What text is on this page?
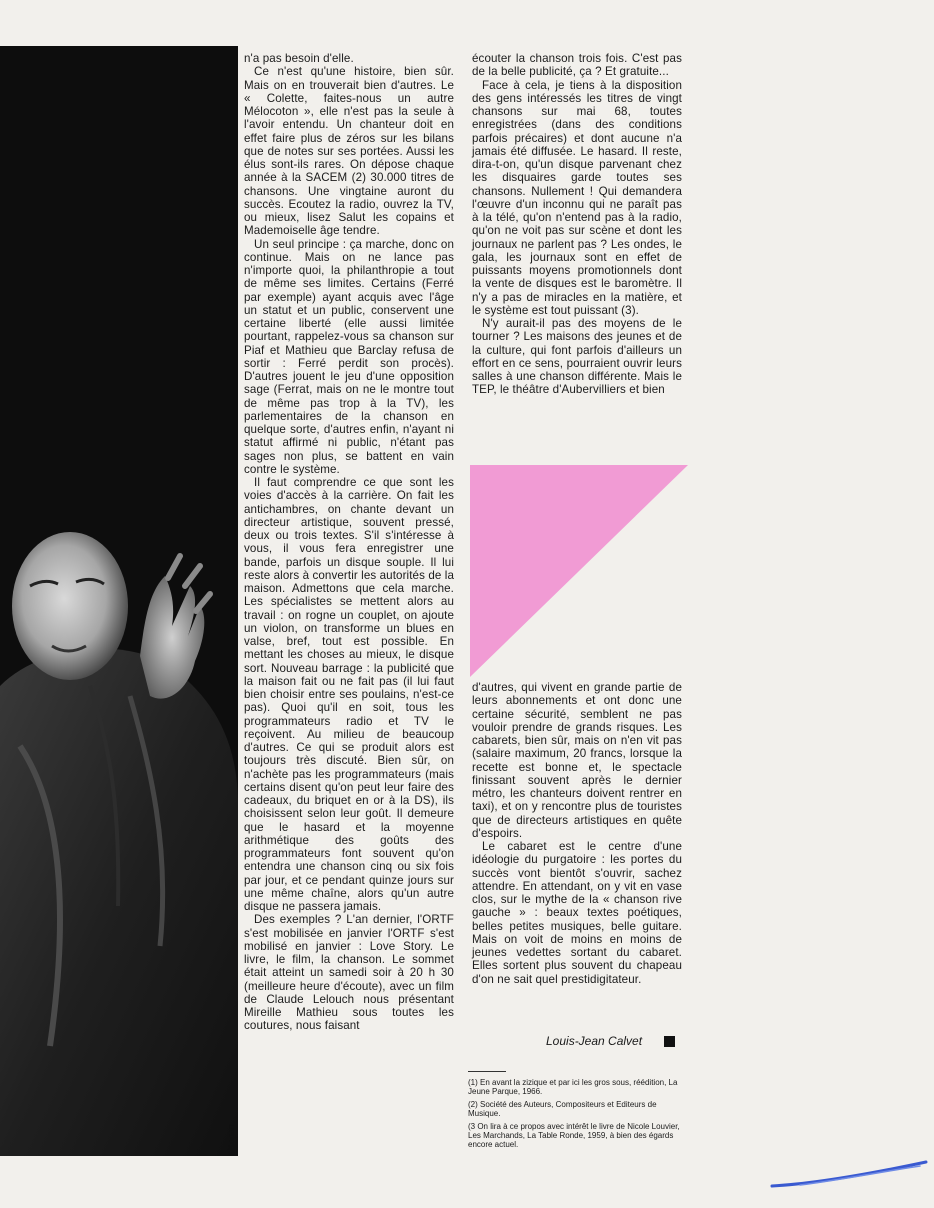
Kagan

n'a pas besoin d'elle.

Ce n'est qu'une histoire, bien sûr. Mais on en trouverait bien d'autres. Le « Colette, faites-nous un autre Mélocoton », elle n'est pas la seule à l'avoir entendu. Un chanteur doit en effet faire plus de zéros sur les bilans que de notes sur ses portées. Aussi les élus sont-ils rares. On dépose chaque année à la SACEM (2) 30.000 titres de chansons. Une vingtaine auront du succès. Ecoutez la radio, ouvrez la TV, ou mieux, lisez Salut les copains et Mademoiselle âge tendre.

Un seul principe : ça marche, donc on continue. Mais on ne lance pas n'importe quoi, la philanthropie a tout de même ses limites. Certains (Ferré par exemple) ayant acquis avec l'âge un statut et un public, conservent une certaine liberté (elle aussi limitée pourtant, rappelez-vous sa chanson sur Piaf et Mathieu que Barclay refusa de sortir : Ferré perdit son procès). D'autres jouent le jeu d'une opposition sage (Ferrat, mais on ne le montre tout de même pas trop à la TV), les parlementaires de la chanson en quelque sorte, d'autres enfin, n'ayant ni statut affirmé ni public, n'étant pas sages non plus, se battent en vain contre le système.

Il faut comprendre ce que sont les voies d'accès à la carrière. On fait les antichambres, on chante devant un directeur artistique, souvent pressé, deux ou trois textes. S'il s'intéresse à vous, il vous fera enregistrer une bande, parfois un disque souple. Il lui reste alors à convertir les autorités de la maison. Admettons que cela marche. Les spécialistes se mettent alors au travail : on rogne un couplet, on ajoute un violon, on transforme un blues en valse, bref, tout est possible. En mettant les choses au mieux, le disque sort. Nouveau barrage : la publicité que la maison fait ou ne fait pas (il lui faut bien choisir entre ses poulains, n'est-ce pas). Quoi qu'il en soit, tous les programmateurs radio et TV le reçoivent. Au milieu de beaucoup d'autres. Ce qui se produit alors est toujours très discuté. Bien sûr, on n'achète pas les programmateurs (mais certains disent qu'on peut leur faire des cadeaux, du briquet en or à la DS), ils choisissent selon leur goût. Il demeure que le hasard et la moyenne arithmétique des goûts des programmateurs font souvent qu'on entendra une chanson cinq ou six fois par jour, et ce pendant quinze jours sur une même chaîne, alors qu'un autre disque ne passera jamais.

Des exemples ? L'an dernier, l'ORTF s'est mobilisée en janvier l'ORTF s'est mobilisé en janvier : Love Story. Le livre, le film, la chanson. Le sommet était atteint un samedi soir à 20 h 30 (meilleure heure d'écoute), avec un film de Claude Lelouch nous présentant Mireille Mathieu sous toutes les coutures, nous faisant

écouter la chanson trois fois. C'est pas de la belle publicité, ça ? Et gratuite...

Face à cela, je tiens à la disposition des gens intéressés les titres de vingt chansons sur mai 68, toutes enregistrées (dans des conditions parfois précaires) et dont aucune n'a jamais été diffusée. Le hasard. Il reste, dira-t-on, qu'un disque parvenant chez les disquaires garde toutes ses chansons. Nullement ! Qui demandera l'œuvre d'un inconnu qui ne paraît pas à la télé, qu'on n'entend pas à la radio, qu'on ne voit pas sur scène et dont les journaux ne parlent pas ? Les ondes, le gala, les journaux sont en effet de puissants moyens promotionnels dont la vente de disques est le baromètre. Il n'y a pas de miracles en la matière, et le système est tout puissant (3).

N'y aurait-il pas des moyens de le tourner ? Les maisons des jeunes et de la culture, qui font parfois d'ailleurs un effort en ce sens, pourraient ouvrir leurs salles à une chanson différente. Mais le TEP, le théâtre d'Aubervilliers et bien

d'autres, qui vivent en grande partie de leurs abonnements et ont donc une certaine sécurité, semblent ne pas vouloir prendre de grands risques. Les cabarets, bien sûr, mais on n'en vit pas (salaire maximum, 20 francs, lorsque la recette est bonne et, le spectacle finissant souvent après le dernier métro, les chanteurs doivent rentrer en taxi), et on y rencontre plus de touristes que de directeurs artistiques en quête d'espoirs.

Le cabaret est le centre d'une idéologie du purgatoire : les portes du succès vont bientôt s'ouvrir, sachez attendre. En attendant, on y vit en vase clos, sur le mythe de la « chanson rive gauche » : beaux textes poétiques, belles petites musiques, belle guitare. Mais on voit de moins en moins de jeunes vedettes sortant du cabaret. Elles sortent plus souvent du chapeau d'on ne sait quel prestidigitateur.

Louis-Jean Calvet

(1) En avant la zizique et par ici les gros sous, réédition, La Jeune Parque, 1966.

(2) Société des Auteurs, Compositeurs et Editeurs de Musique.

(3 On lira à ce propos avec intérêt le livre de Nicole Louvier, Les Marchands, La Table Ronde, 1959, à bien des égards encore actuel.
